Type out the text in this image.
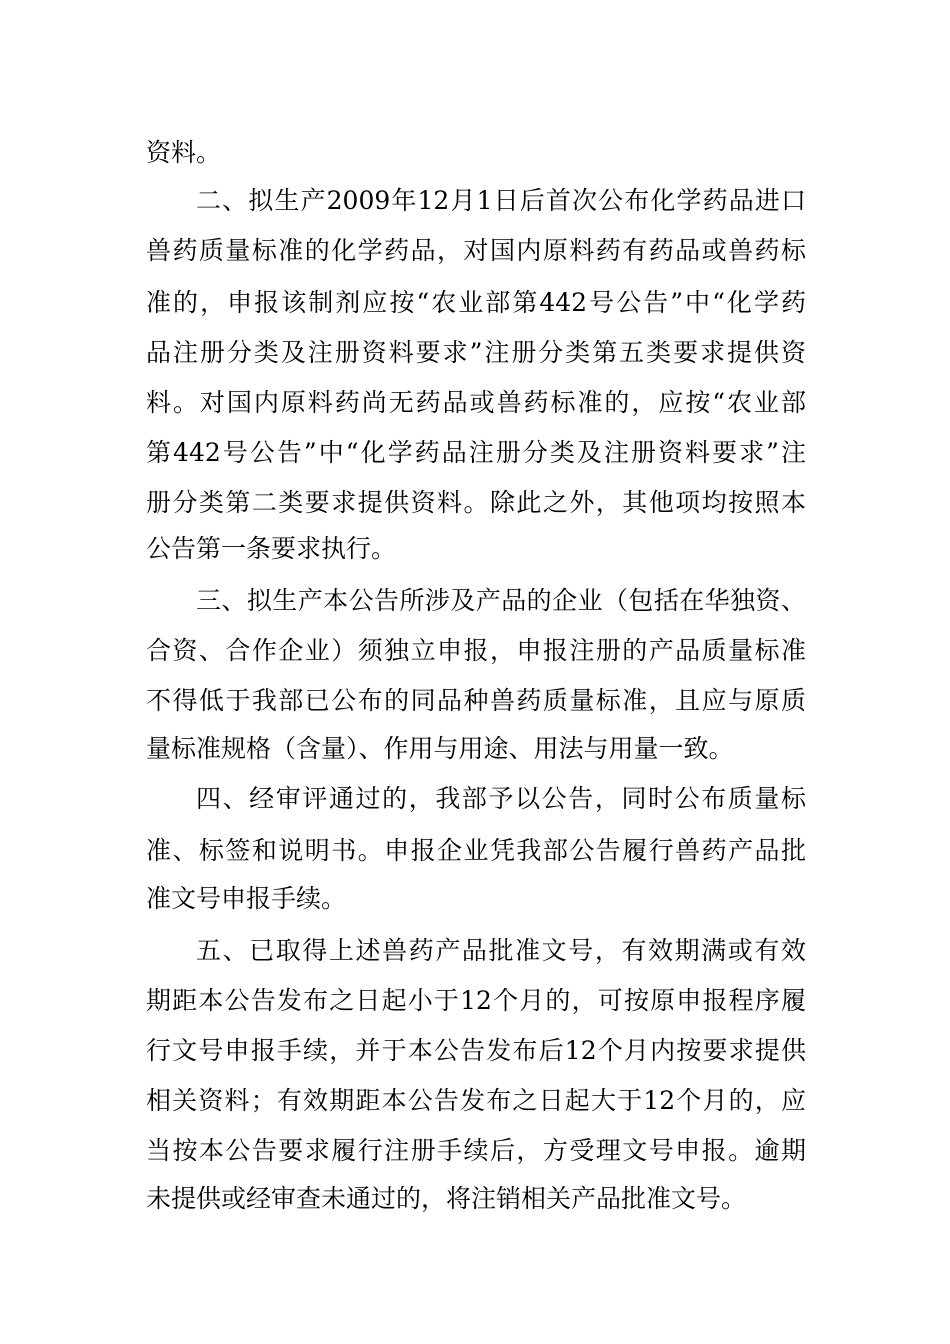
资料。
二、拟生产2009年12月1日后首次公布化学药品进口
兽药质量标准的化学药品，对国内原料药有药品或兽药标
准的，申报该制剂应按“农业部第442号公告”中“化学药
品注册分类及注册资料要求”注册分类第五类要求提供资
料。对国内原料药尚无药品或兽药标准的，应按“农业部
第442号公告”中“化学药品注册分类及注册资料要求”注
册分类第二类要求提供资料。除此之外，其他项均按照本
公告第一条要求执行。
三、拟生产本公告所涉及产品的企业（包括在华独资、
合资、合作企业）须独立申报，申报注册的产品质量标准
不得低于我部已公布的同品种兽药质量标准，且应与原质
量标准规格（含量）、作用与用途、用法与用量一致。
四、经审评通过的，我部予以公告，同时公布质量标
准、标签和说明书。申报企业凭我部公告履行兽药产品批
准文号申报手续。
五、已取得上述兽药产品批准文号，有效期满或有效
期距本公告发布之日起小于12个月的，可按原申报程序履
行文号申报手续，并于本公告发布后12个月内按要求提供
相关资料；有效期距本公告发布之日起大于12个月的，应
当按本公告要求履行注册手续后，方受理文号申报。逾期
未提供或经审查未通过的，将注销相关产品批准文号。
